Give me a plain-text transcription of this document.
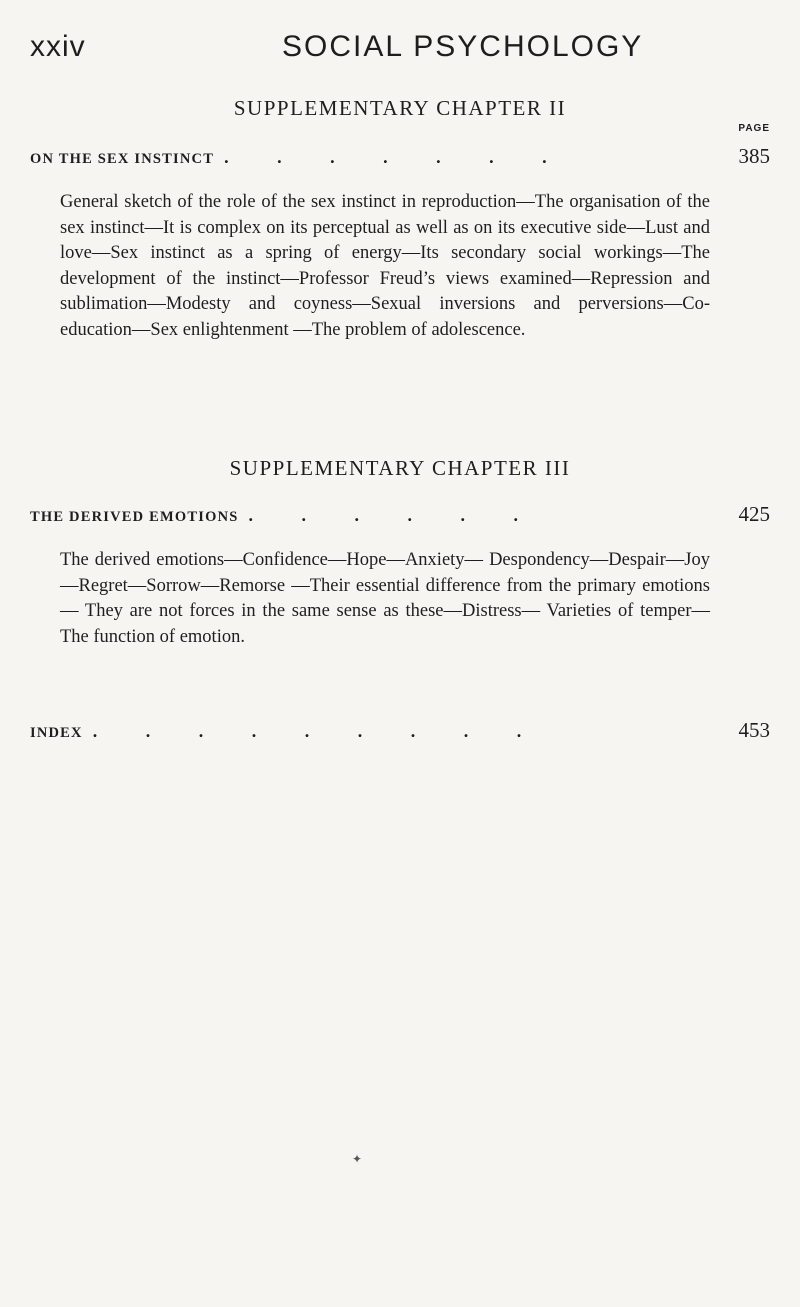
xxiv	SOCIAL PSYCHOLOGY
SUPPLEMENTARY CHAPTER II
PAGE
ON THE SEX INSTINCT . . . . . . .	385

General sketch of the role of the sex instinct in reproduction—The organisation of the sex instinct—It is complex on its perceptual as well as on its executive side—Lust and love—Sex instinct as a spring of energy—Its secondary social workings—The development of the instinct—Professor Freud’s views examined—Repression and sublimation—Modesty and coyness—Sexual inversions and perversions—Co-education—Sex enlightenment —The problem of adolescence.

SUPPLEMENTARY CHAPTER III
THE DERIVED EMOTIONS . . . . . .	425

The derived emotions—Confidence—Hope—Anxiety— Despondency—Despair—Joy—Regret—Sorrow—Remorse —Their essential difference from the primary emotions— They are not forces in the same sense as these—Distress— Varieties of temper—The function of emotion.

INDEX . . . . . . . . .	453
✦
